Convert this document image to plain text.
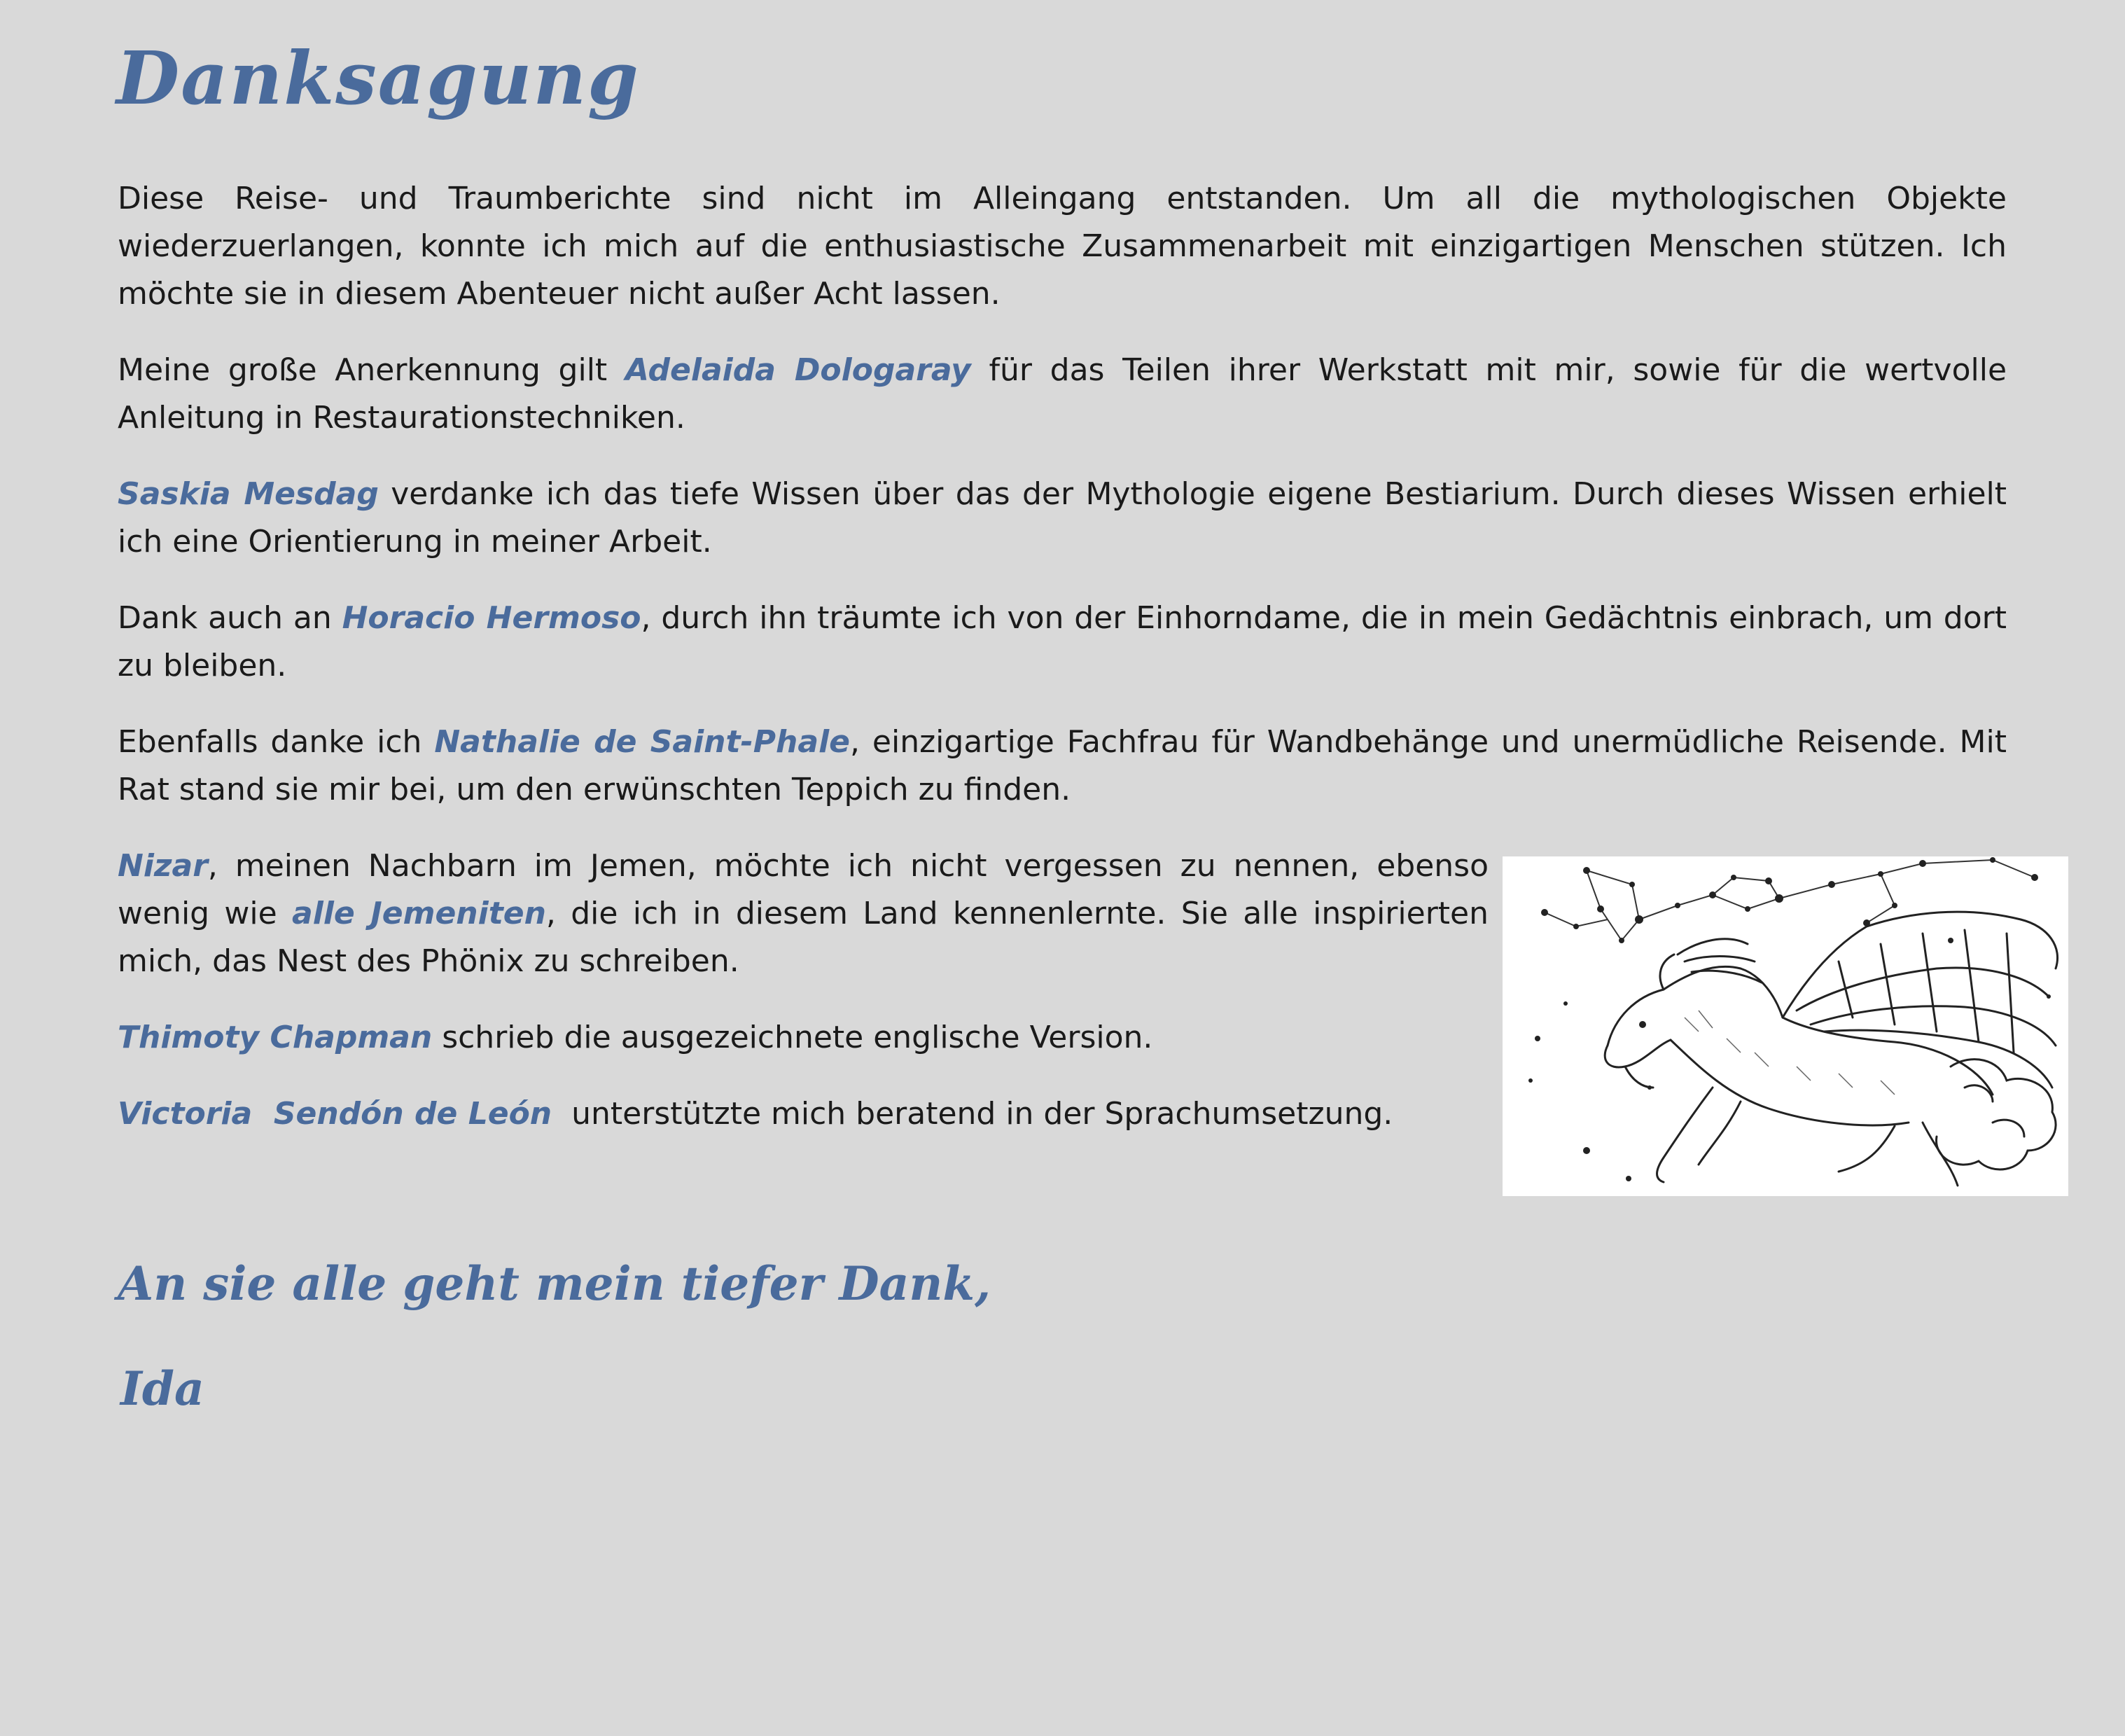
Danksagung

Diese Reise- und Traumberichte sind nicht im Alleingang entstanden. Um all die mythologischen Objekte wiederzuerlangen, konnte ich mich auf die enthusiastische Zusammenarbeit mit einzigartigen Menschen stützen. Ich möchte sie in diesem Abenteuer nicht außer Acht lassen.

Meine große Anerkennung gilt Adelaida Dologaray für das Teilen ihrer Werkstatt mit mir, sowie für die wertvolle Anleitung in Restaurationstechniken.

Saskia Mesdag verdanke ich das tiefe Wissen über das der Mythologie eigene Bestiarium. Durch dieses Wissen erhielt ich eine Orientierung in meiner Arbeit.

Dank auch an Horacio Hermoso, durch ihn träumte ich von der Einhorndame, die in mein Gedächtnis einbrach, um dort zu bleiben.

Ebenfalls danke ich Nathalie de Saint-Phale, einzigartige Fachfrau für Wandbehänge und unermüdliche Reisende. Mit Rat stand sie mir bei, um den erwünschten Teppich zu finden.

Nizar, meinen Nachbarn im Jemen, möchte ich nicht vergessen zu nennen, ebenso wenig wie alle Jemeniten, die ich in diesem Land kennenlernte. Sie alle inspirierten mich, das Nest des Phönix zu schreiben.

Thimoty Chapman schrieb die ausgezeichnete englische Version.

Victoria  Sendón de León  unterstützte mich beratend in der Sprachumsetzung.

An sie alle geht mein tiefer Dank,

Ida
